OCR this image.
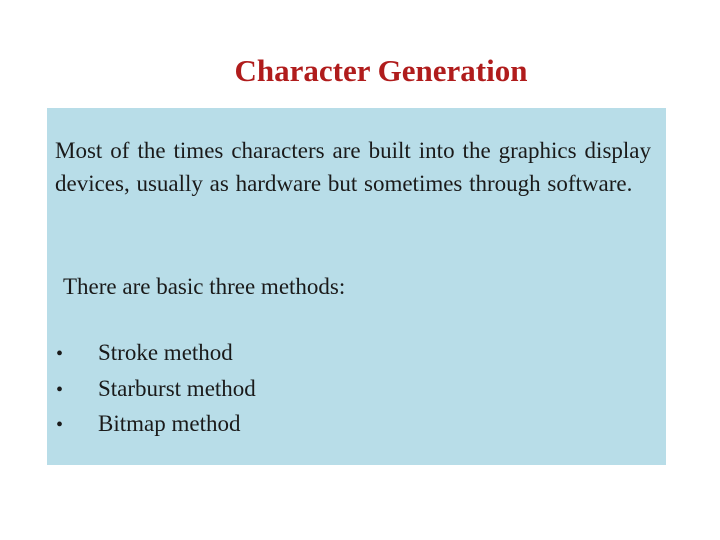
Character Generation

Most of the times characters are built into the graphics display devices, usually as hardware but sometimes through software.

There are basic three methods:

•	Stroke method
•	Starburst method
•	Bitmap method
